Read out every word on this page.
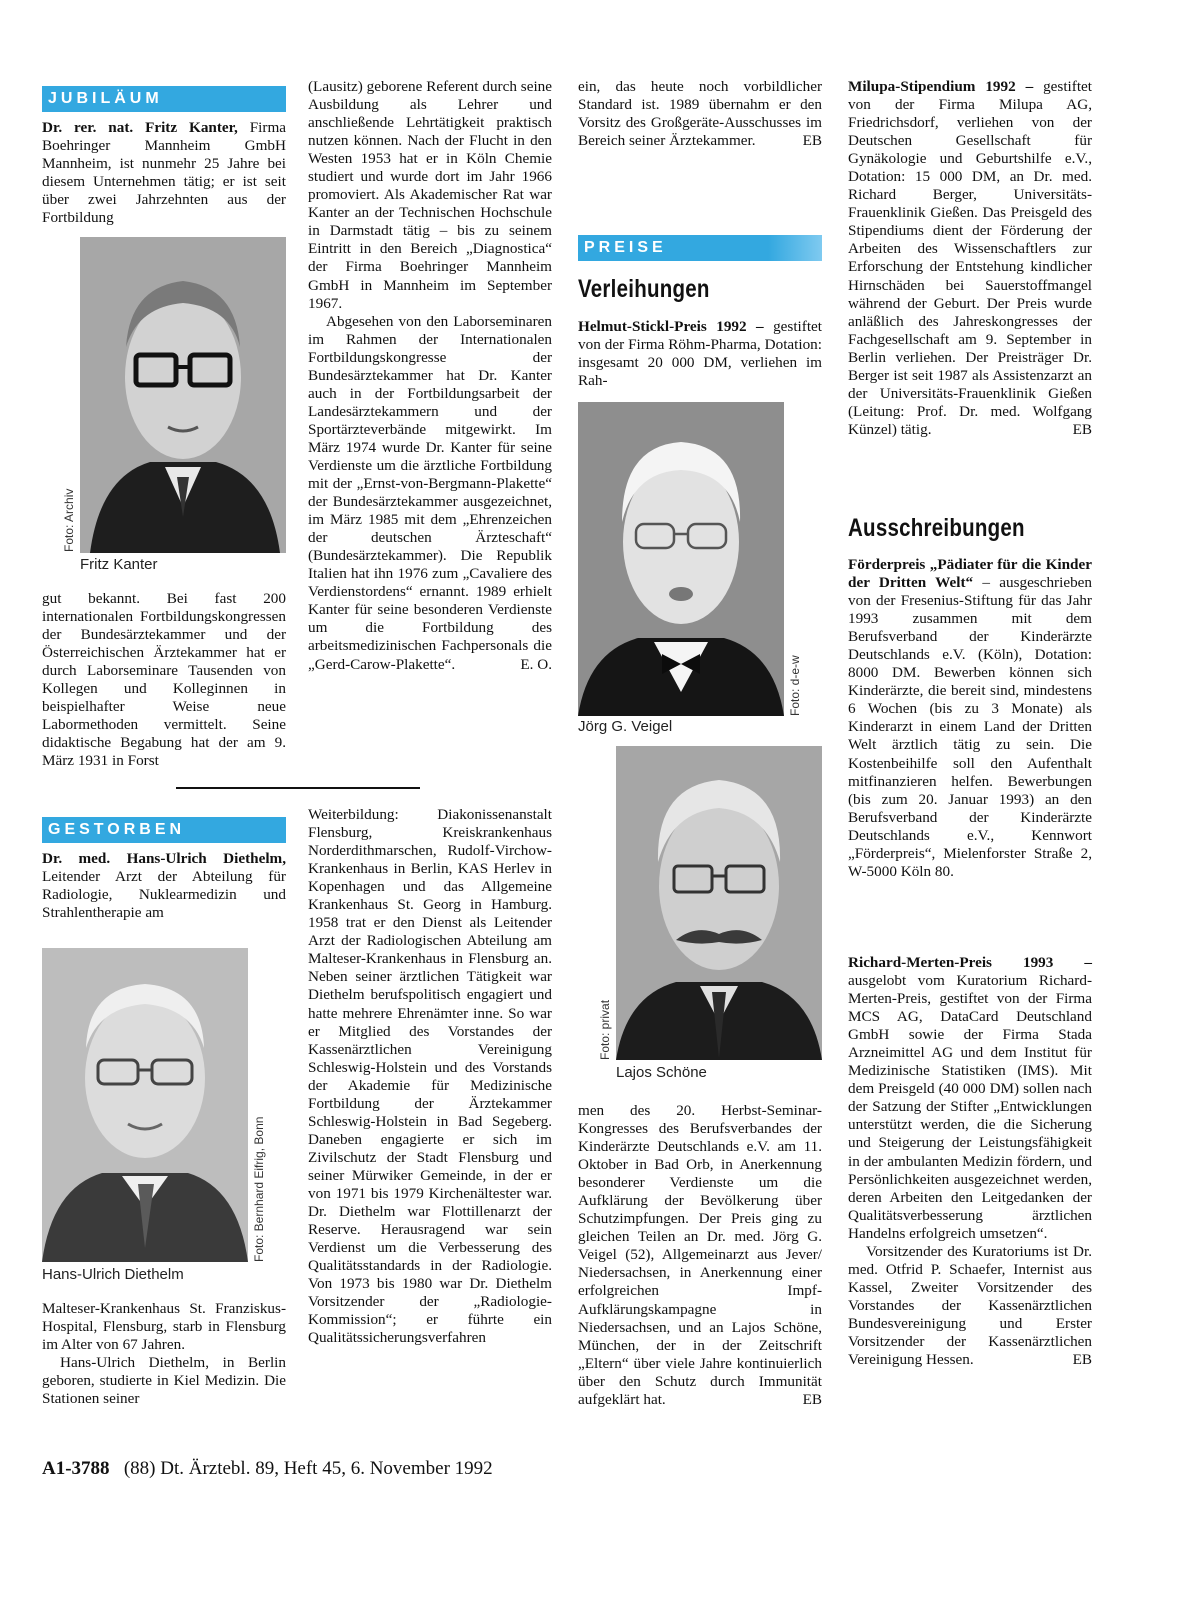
JUBILÄUM

Dr. rer. nat. Fritz Kanter, Firma Boehringer Mannheim GmbH Mannheim, ist nunmehr 25 Jahre bei diesem Unternehmen tätig; er ist seit über zwei Jahrzehnten aus der Fortbildung

Foto: Archiv
Fritz Kanter

gut bekannt. Bei fast 200 internationalen Fortbildungskongressen der Bundesärztekammer und der Österreichischen Ärztekammer hat er durch Laborseminare Tausenden von Kollegen und Kolleginnen in beispielhafter Weise neue Labormethoden vermittelt. Seine didaktische Begabung hat der am 9. März 1931 in Forst

(Lausitz) geborene Referent durch seine Ausbildung als Lehrer und anschließende Lehrtätigkeit praktisch nutzen können. Nach der Flucht in den Westen 1953 hat er in Köln Chemie studiert und wurde dort im Jahr 1966 promoviert. Als Akademischer Rat war Kanter an der Technischen Hochschule in Darmstadt tätig – bis zu seinem Eintritt in den Bereich „Diagnostica“ der Firma Boehringer Mannheim GmbH in Mannheim im September 1967.

Abgesehen von den Laborseminaren im Rahmen der Internationalen Fortbildungskongresse der Bundesärztekammer hat Dr. Kanter auch in der Fortbildungsarbeit der Landesärztekammern und der Sportärzteverbände mitgewirkt. Im März 1974 wurde Dr. Kanter für seine Verdienste um die ärztliche Fortbildung mit der „Ernst-von-Bergmann-Plakette“ der Bundesärztekammer ausgezeichnet, im März 1985 mit dem „Ehrenzeichen der deutschen Ärzteschaft“ (Bundesärztekammer). Die Republik Italien hat ihn 1976 zum „Cavaliere des Verdienstordens“ ernannt. 1989 erhielt Kanter für seine besonderen Verdienste um die Fortbildung des arbeitsmedizinischen Fachpersonals die „Gerd-Carow-Plakette“.	E. O.

GESTORBEN

Dr. med. Hans-Ulrich Diethelm, Leitender Arzt der Abteilung für Radiologie, Nuklearmedizin und Strahlentherapie am

Foto: Bernhard Eifrig, Bonn
Hans-Ulrich Diethelm

Malteser-Krankenhaus St. Franziskus-Hospital, Flensburg, starb in Flensburg im Alter von 67 Jahren.

Hans-Ulrich Diethelm, in Berlin geboren, studierte in Kiel Medizin. Die Stationen seiner

Weiterbildung: Diakonissenanstalt Flensburg, Kreiskrankenhaus Norderdithmarschen, Rudolf-Virchow-Krankenhaus in Berlin, KAS Herlev in Kopenhagen und das Allgemeine Krankenhaus St. Georg in Hamburg. 1958 trat er den Dienst als Leitender Arzt der Radiologischen Abteilung am Malteser-Krankenhaus in Flensburg an. Neben seiner ärztlichen Tätigkeit war Diethelm berufspolitisch engagiert und hatte mehrere Ehrenämter inne. So war er Mitglied des Vorstandes der Kassenärztlichen Vereinigung Schleswig-Holstein und des Vorstands der Akademie für Medizinische Fortbildung der Ärztekammer Schleswig-Holstein in Bad Segeberg. Daneben engagierte er sich im Zivilschutz der Stadt Flensburg und seiner Mürwiker Gemeinde, in der er von 1971 bis 1979 Kirchenältester war. Dr. Diethelm war Flottillenarzt der Reserve. Herausragend war sein Verdienst um die Verbesserung des Qualitätsstandards in der Radiologie. Von 1973 bis 1980 war Dr. Diethelm Vorsitzender der „Radiologie-Kommission“; er führte ein Qualitätssicherungsverfahren

ein, das heute noch vorbildlicher Standard ist. 1989 übernahm er den Vorsitz des Großgeräte-Ausschusses im Bereich seiner Ärztekammer.	EB

PREISE
Verleihungen

Helmut-Stickl-Preis 1992 – gestiftet von der Firma Röhm-Pharma, Dotation: insgesamt 20 000 DM, verliehen im Rah-

Foto: d-e-w
Jörg G. Veigel
Foto: privat
Lajos Schöne

men des 20. Herbst-Seminar-Kongresses des Berufsverbandes der Kinderärzte Deutschlands e.V. am 11. Oktober in Bad Orb, in Anerkennung besonderer Verdienste um die Aufklärung der Bevölkerung über Schutzimpfungen. Der Preis ging zu gleichen Teilen an Dr. med. Jörg G. Veigel (52), Allgemeinarzt aus Jever/ Niedersachsen, in Anerkennung einer erfolgreichen Impf-Aufklärungskampagne in Niedersachsen, und an Lajos Schöne, München, der in der Zeitschrift „Eltern“ über viele Jahre kontinuierlich über den Schutz durch Immunität aufgeklärt hat.	EB

Milupa-Stipendium 1992 – gestiftet von der Firma Milupa AG, Friedrichsdorf, verliehen von der Deutschen Gesellschaft für Gynäkologie und Geburtshilfe e.V., Dotation: 15 000 DM, an Dr. med. Richard Berger, Universitäts-Frauenklinik Gießen. Das Preisgeld des Stipendiums dient der Förderung der Arbeiten des Wissenschaftlers zur Erforschung der Entstehung kindlicher Hirnschäden bei Sauerstoffmangel während der Geburt. Der Preis wurde anläßlich des Jahreskongresses der Fachgesellschaft am 9. September in Berlin verliehen. Der Preisträger Dr. Berger ist seit 1987 als Assistenzarzt an der Universitäts-Frauenklinik Gießen (Leitung: Prof. Dr. med. Wolfgang Künzel) tätig.	EB

Ausschreibungen

Förderpreis „Pädiater für die Kinder der Dritten Welt“ – ausgeschrieben von der Fresenius-Stiftung für das Jahr 1993 zusammen mit dem Berufsverband der Kinderärzte Deutschlands e.V. (Köln), Dotation: 8000 DM. Bewerben können sich Kinderärzte, die bereit sind, mindestens 6 Wochen (bis zu 3 Monate) als Kinderarzt in einem Land der Dritten Welt ärztlich tätig zu sein. Die Kostenbeihilfe soll den Aufenthalt mitfinanzieren helfen. Bewerbungen (bis zum 20. Januar 1993) an den Berufsverband der Kinderärzte Deutschlands e.V., Kennwort „Förderpreis“, Mielenforster Straße 2, W-5000 Köln 80.

Richard-Merten-Preis 1993 – ausgelobt vom Kuratorium Richard-Merten-Preis, gestiftet von der Firma MCS AG, DataCard Deutschland GmbH sowie der Firma Stada Arzneimittel AG und dem Institut für Medizinische Statistiken (IMS). Mit dem Preisgeld (40 000 DM) sollen nach der Satzung der Stifter „Entwicklungen unterstützt werden, die die Sicherung und Steigerung der Leistungsfähigkeit in der ambulanten Medizin fördern, und Persönlichkeiten ausgezeichnet werden, deren Arbeiten den Leitgedanken der Qualitätsverbesserung ärztlichen Handelns erfolgreich umsetzen“.

Vorsitzender des Kuratoriums ist Dr. med. Otfrid P. Schaefer, Internist aus Kassel, Zweiter Vorsitzender des Vorstandes der Kassenärztlichen Bundesvereinigung und Erster Vorsitzender der Kassenärztlichen Vereinigung Hessen.	EB

A1-3788 (88) Dt. Ärztebl. 89, Heft 45, 6. November 1992
